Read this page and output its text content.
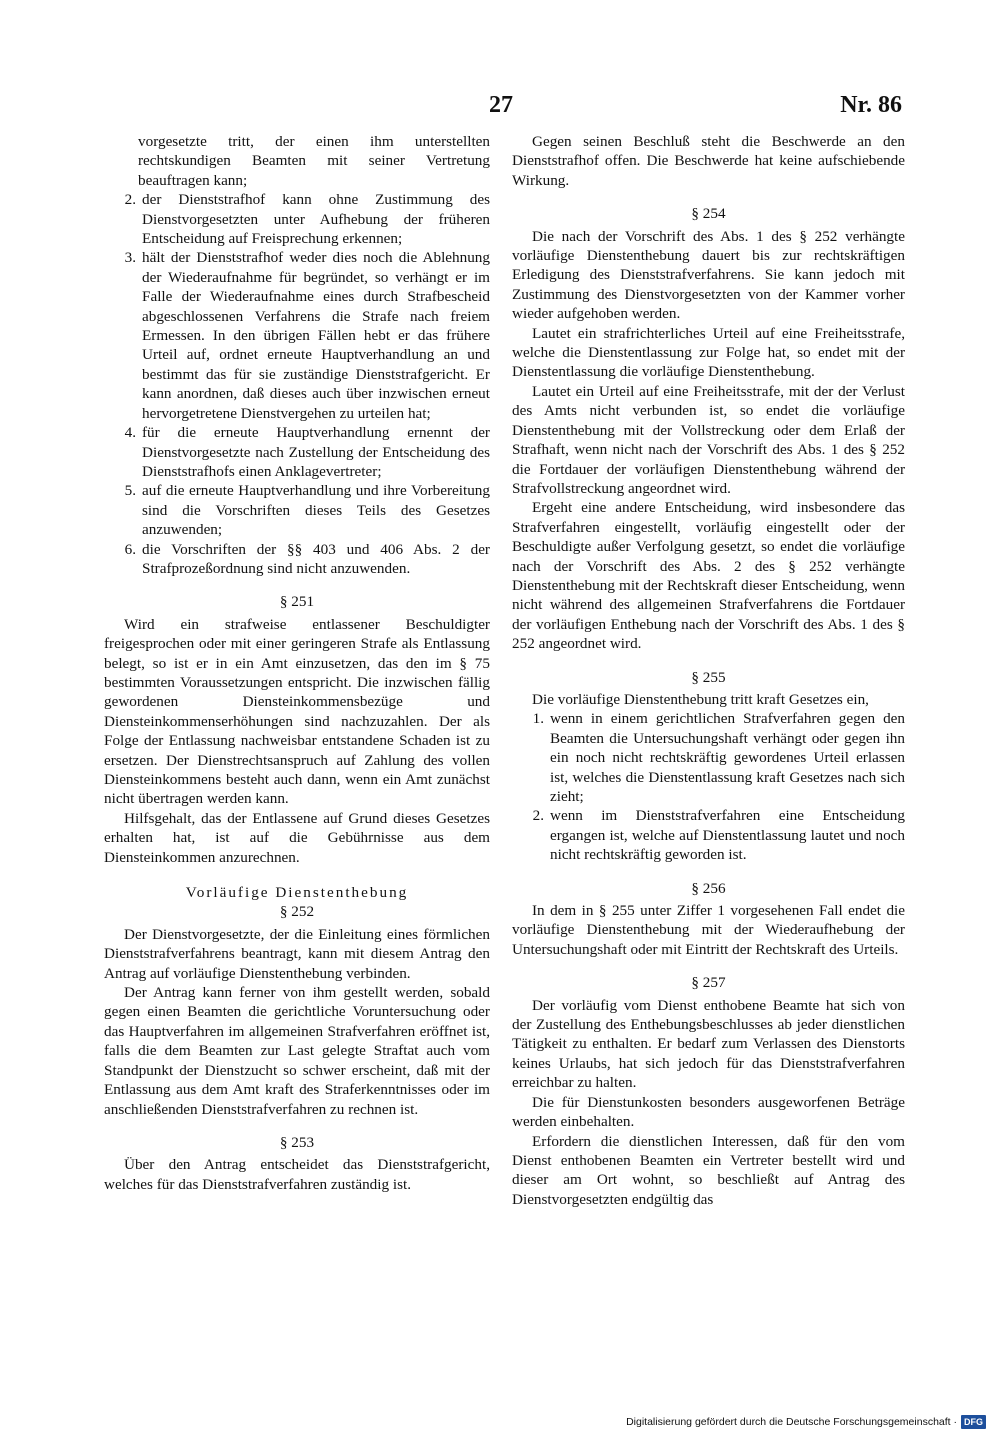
27	Nr. 86

vorgesetzte tritt, der einen ihm unterstellten rechtskundigen Beamten mit seiner Vertretung beauftragen kann;

2. der Dienststrafhof kann ohne Zustimmung des Dienstvorgesetzten unter Aufhebung der früheren Entscheidung auf Freisprechung erkennen;
3. hält der Dienststrafhof weder dies noch die Ablehnung der Wiederaufnahme für begründet, so verhängt er im Falle der Wiederaufnahme eines durch Strafbescheid abgeschlossenen Verfahrens die Strafe nach freiem Ermessen. In den übrigen Fällen hebt er das frühere Urteil auf, ordnet erneute Hauptverhandlung an und bestimmt das für sie zuständige Dienststrafgericht. Er kann anordnen, daß dieses auch über inzwischen erneut hervorgetretene Dienstvergehen zu urteilen hat;
4. für die erneute Hauptverhandlung ernennt der Dienstvorgesetzte nach Zustellung der Entscheidung des Dienststrafhofs einen Anklagevertreter;
5. auf die erneute Hauptverhandlung und ihre Vorbereitung sind die Vorschriften dieses Teils des Gesetzes anzuwenden;
6. die Vorschriften der §§ 403 und 406 Abs. 2 der Strafprozeßordnung sind nicht anzuwenden.
§ 251

Wird ein strafweise entlassener Beschuldigter freigesprochen oder mit einer geringeren Strafe als Entlassung belegt, so ist er in ein Amt einzusetzen, das den im § 75 bestimmten Voraussetzungen entspricht. Die inzwischen fällig gewordenen Diensteinkommensbezüge und Diensteinkommenserhöhungen sind nachzuzahlen. Der als Folge der Entlassung nachweisbar entstandene Schaden ist zu ersetzen. Der Dienstrechtsanspruch auf Zahlung des vollen Diensteinkommens besteht auch dann, wenn ein Amt zunächst nicht übertragen werden kann.

Hilfsgehalt, das der Entlassene auf Grund dieses Gesetzes erhalten hat, ist auf die Gebührnisse aus dem Diensteinkommen anzurechnen.

Vorläufige Dienstenthebung
§ 252

Der Dienstvorgesetzte, der die Einleitung eines förmlichen Dienststrafverfahrens beantragt, kann mit diesem Antrag den Antrag auf vorläufige Dienstenthebung verbinden.

Der Antrag kann ferner von ihm gestellt werden, sobald gegen einen Beamten die gerichtliche Voruntersuchung oder das Hauptverfahren im allgemeinen Strafverfahren eröffnet ist, falls die dem Beamten zur Last gelegte Straftat auch vom Standpunkt der Dienstzucht so schwer erscheint, daß mit der Entlassung aus dem Amt kraft des Straferkenntnisses oder im anschließenden Dienststrafverfahren zu rechnen ist.

§ 253

Über den Antrag entscheidet das Dienststrafgericht, welches für das Dienststrafverfahren zuständig ist.

Gegen seinen Beschluß steht die Beschwerde an den Dienststrafhof offen. Die Beschwerde hat keine aufschiebende Wirkung.

§ 254

Die nach der Vorschrift des Abs. 1 des § 252 verhängte vorläufige Dienstenthebung dauert bis zur rechtskräftigen Erledigung des Dienststrafverfahrens. Sie kann jedoch mit Zustimmung des Dienstvorgesetzten von der Kammer vorher wieder aufgehoben werden.

Lautet ein strafrichterliches Urteil auf eine Freiheitsstrafe, welche die Dienstentlassung zur Folge hat, so endet mit der Dienstentlassung die vorläufige Dienstenthebung.

Lautet ein Urteil auf eine Freiheitsstrafe, mit der der Verlust des Amts nicht verbunden ist, so endet die vorläufige Dienstenthebung mit der Vollstreckung oder dem Erlaß der Strafhaft, wenn nicht nach der Vorschrift des Abs. 1 des § 252 die Fortdauer der vorläufigen Dienstenthebung während der Strafvollstreckung angeordnet wird.

Ergeht eine andere Entscheidung, wird insbesondere das Strafverfahren eingestellt, vorläufig eingestellt oder der Beschuldigte außer Verfolgung gesetzt, so endet die vorläufige nach der Vorschrift des Abs. 2 des § 252 verhängte Dienstenthebung mit der Rechtskraft dieser Entscheidung, wenn nicht während des allgemeinen Strafverfahrens die Fortdauer der vorläufigen Enthebung nach der Vorschrift des Abs. 1 des § 252 angeordnet wird.

§ 255

Die vorläufige Dienstenthebung tritt kraft Gesetzes ein,

1. wenn in einem gerichtlichen Strafverfahren gegen den Beamten die Untersuchungshaft verhängt oder gegen ihn ein noch nicht rechtskräftig gewordenes Urteil erlassen ist, welches die Dienstentlassung kraft Gesetzes nach sich zieht;
2. wenn im Dienststrafverfahren eine Entscheidung ergangen ist, welche auf Dienstentlassung lautet und noch nicht rechtskräftig geworden ist.
§ 256

In dem in § 255 unter Ziffer 1 vorgesehenen Fall endet die vorläufige Dienstenthebung mit der Wiederaufhebung der Untersuchungshaft oder mit Eintritt der Rechtskraft des Urteils.

§ 257

Der vorläufig vom Dienst enthobene Beamte hat sich von der Zustellung des Enthebungsbeschlusses ab jeder dienstlichen Tätigkeit zu enthalten. Er bedarf zum Verlassen des Dienstorts keines Urlaubs, hat sich jedoch für das Dienststrafverfahren erreichbar zu halten.

Die für Dienstunkosten besonders ausgeworfenen Beträge werden einbehalten.

Erfordern die dienstlichen Interessen, daß für den vom Dienst enthobenen Beamten ein Vertreter bestellt wird und dieser am Ort wohnt, so beschließt auf Antrag des Dienstvorgesetzten endgültig das

Digitalisierung gefördert durch die Deutsche Forschungsgemeinschaft · DFG
